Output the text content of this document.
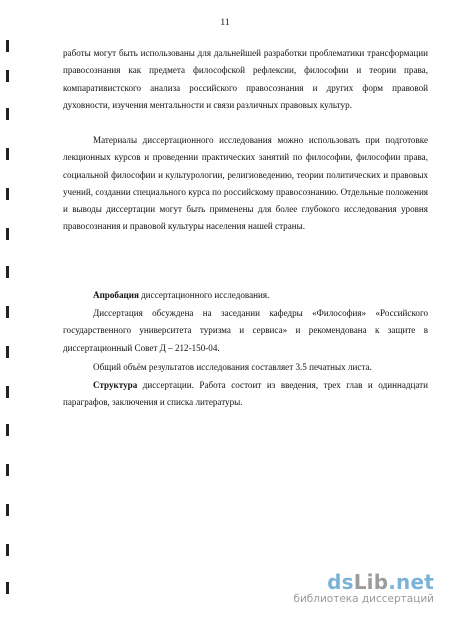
11

работы могут быть использованы для дальнейшей разработки проблематики трансформации правосознания как предмета философской рефлексии, философии и теории права, компаративистского анализа российского правосознания и других форм правовой духовности, изучения ментальности и связи различных правовых культур.

Материалы диссертационного исследования можно использовать при подготовке лекционных курсов и проведении практических занятий по философии, философии права, социальной философии и культурологии, религиоведению, теории политических и правовых учений, создании специального курса по российскому правосознанию. Отдельные положения и выводы диссертации могут быть применены для более глубокого исследования уровня правосознания и правовой культуры населения нашей страны.

Апробация диссертационного исследования.

Диссертация обсуждена на заседании кафедры «Философия» «Российского государственного университета туризма и сервиса» и рекомендована к защите в диссертационный Совет Д – 212-150-04.

Общий объём результатов исследования составляет 3.5 печатных листа.

Структура диссертации. Работа состоит из введения, трех глав и одиннадцати параграфов, заключения и списка литературы.

dsLib.net
библиотека диссертаций
